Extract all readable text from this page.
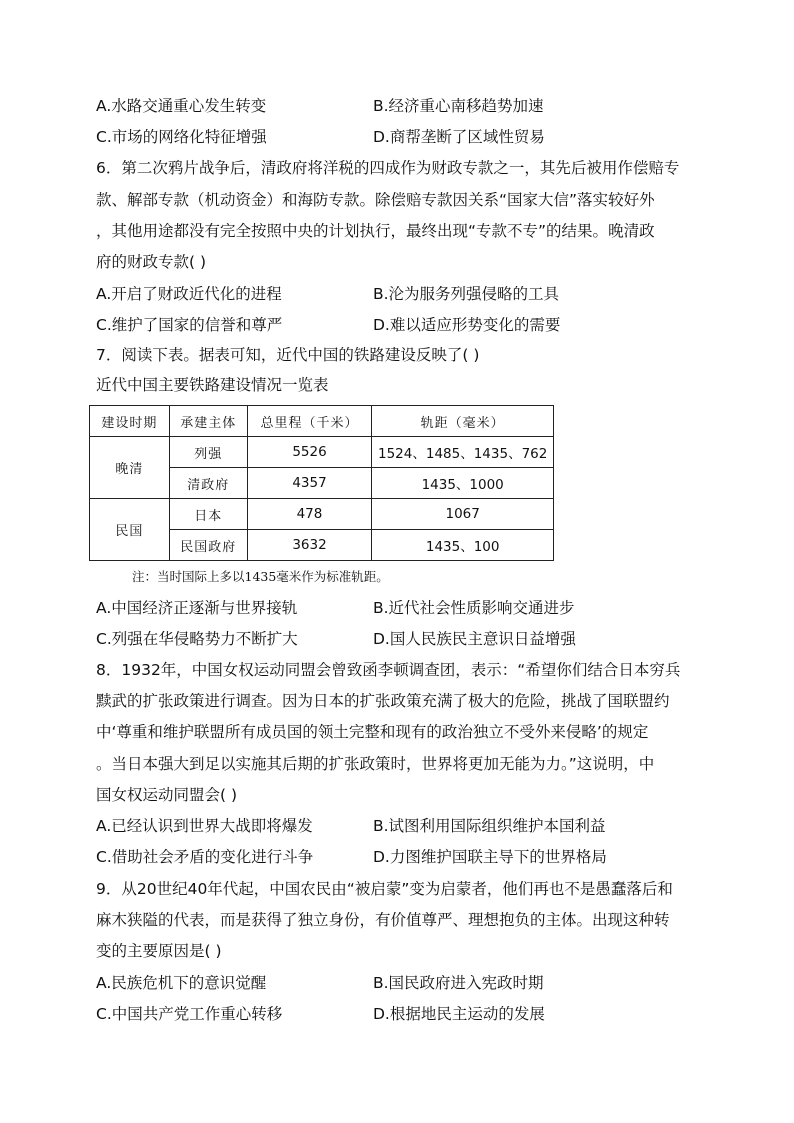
A.水路交通重心发生转变	B.经济重心南移趋势加速
C.市场的网络化特征增强	D.商帮垄断了区域性贸易
6．第二次鸦片战争后，清政府将洋税的四成作为财政专款之一，其先后被用作偿赔专
款、解部专款（机动资金）和海防专款。除偿赔专款因关系“国家大信”落实较好外
，其他用途都没有完全按照中央的计划执行，最终出现“专款不专”的结果。晚清政
府的财政专款( )
A.开启了财政近代化的进程	B.沦为服务列强侵略的工具
C.维护了国家的信誉和尊严	D.难以适应形势变化的需要
7．阅读下表。据表可知，近代中国的铁路建设反映了( )
近代中国主要铁路建设情况一览表
建设时期	承建主体	总里程（千米）	轨距（毫米）
晚清	列强	5526	1524、1485、1435、762
	清政府	4357	1435、1000
民国	日本	478	1067
	民国政府	3632	1435、100
注：当时国际上多以1435毫米作为标准轨距。
A.中国经济正逐渐与世界接轨	B.近代社会性质影响交通进步
C.列强在华侵略势力不断扩大	D.国人民族民主意识日益增强
8．1932年，中国女权运动同盟会曾致函李顿调查团，表示：“希望你们结合日本穷兵
黩武的扩张政策进行调查。因为日本的扩张政策充满了极大的危险，挑战了国联盟约
中‘尊重和维护联盟所有成员国的领土完整和现有的政治独立不受外来侵略’的规定
。当日本强大到足以实施其后期的扩张政策时，世界将更加无能为力。”这说明，中
国女权运动同盟会( )
A.已经认识到世界大战即将爆发	B.试图利用国际组织维护本国利益
C.借助社会矛盾的变化进行斗争	D.力图维护国联主导下的世界格局
9．从20世纪40年代起，中国农民由“被启蒙”变为启蒙者，他们再也不是愚蠢落后和
麻木狭隘的代表，而是获得了独立身份，有价值尊严、理想抱负的主体。出现这种转
变的主要原因是( )
A.民族危机下的意识觉醒	B.国民政府进入宪政时期
C.中国共产党工作重心转移	D.根据地民主运动的发展
